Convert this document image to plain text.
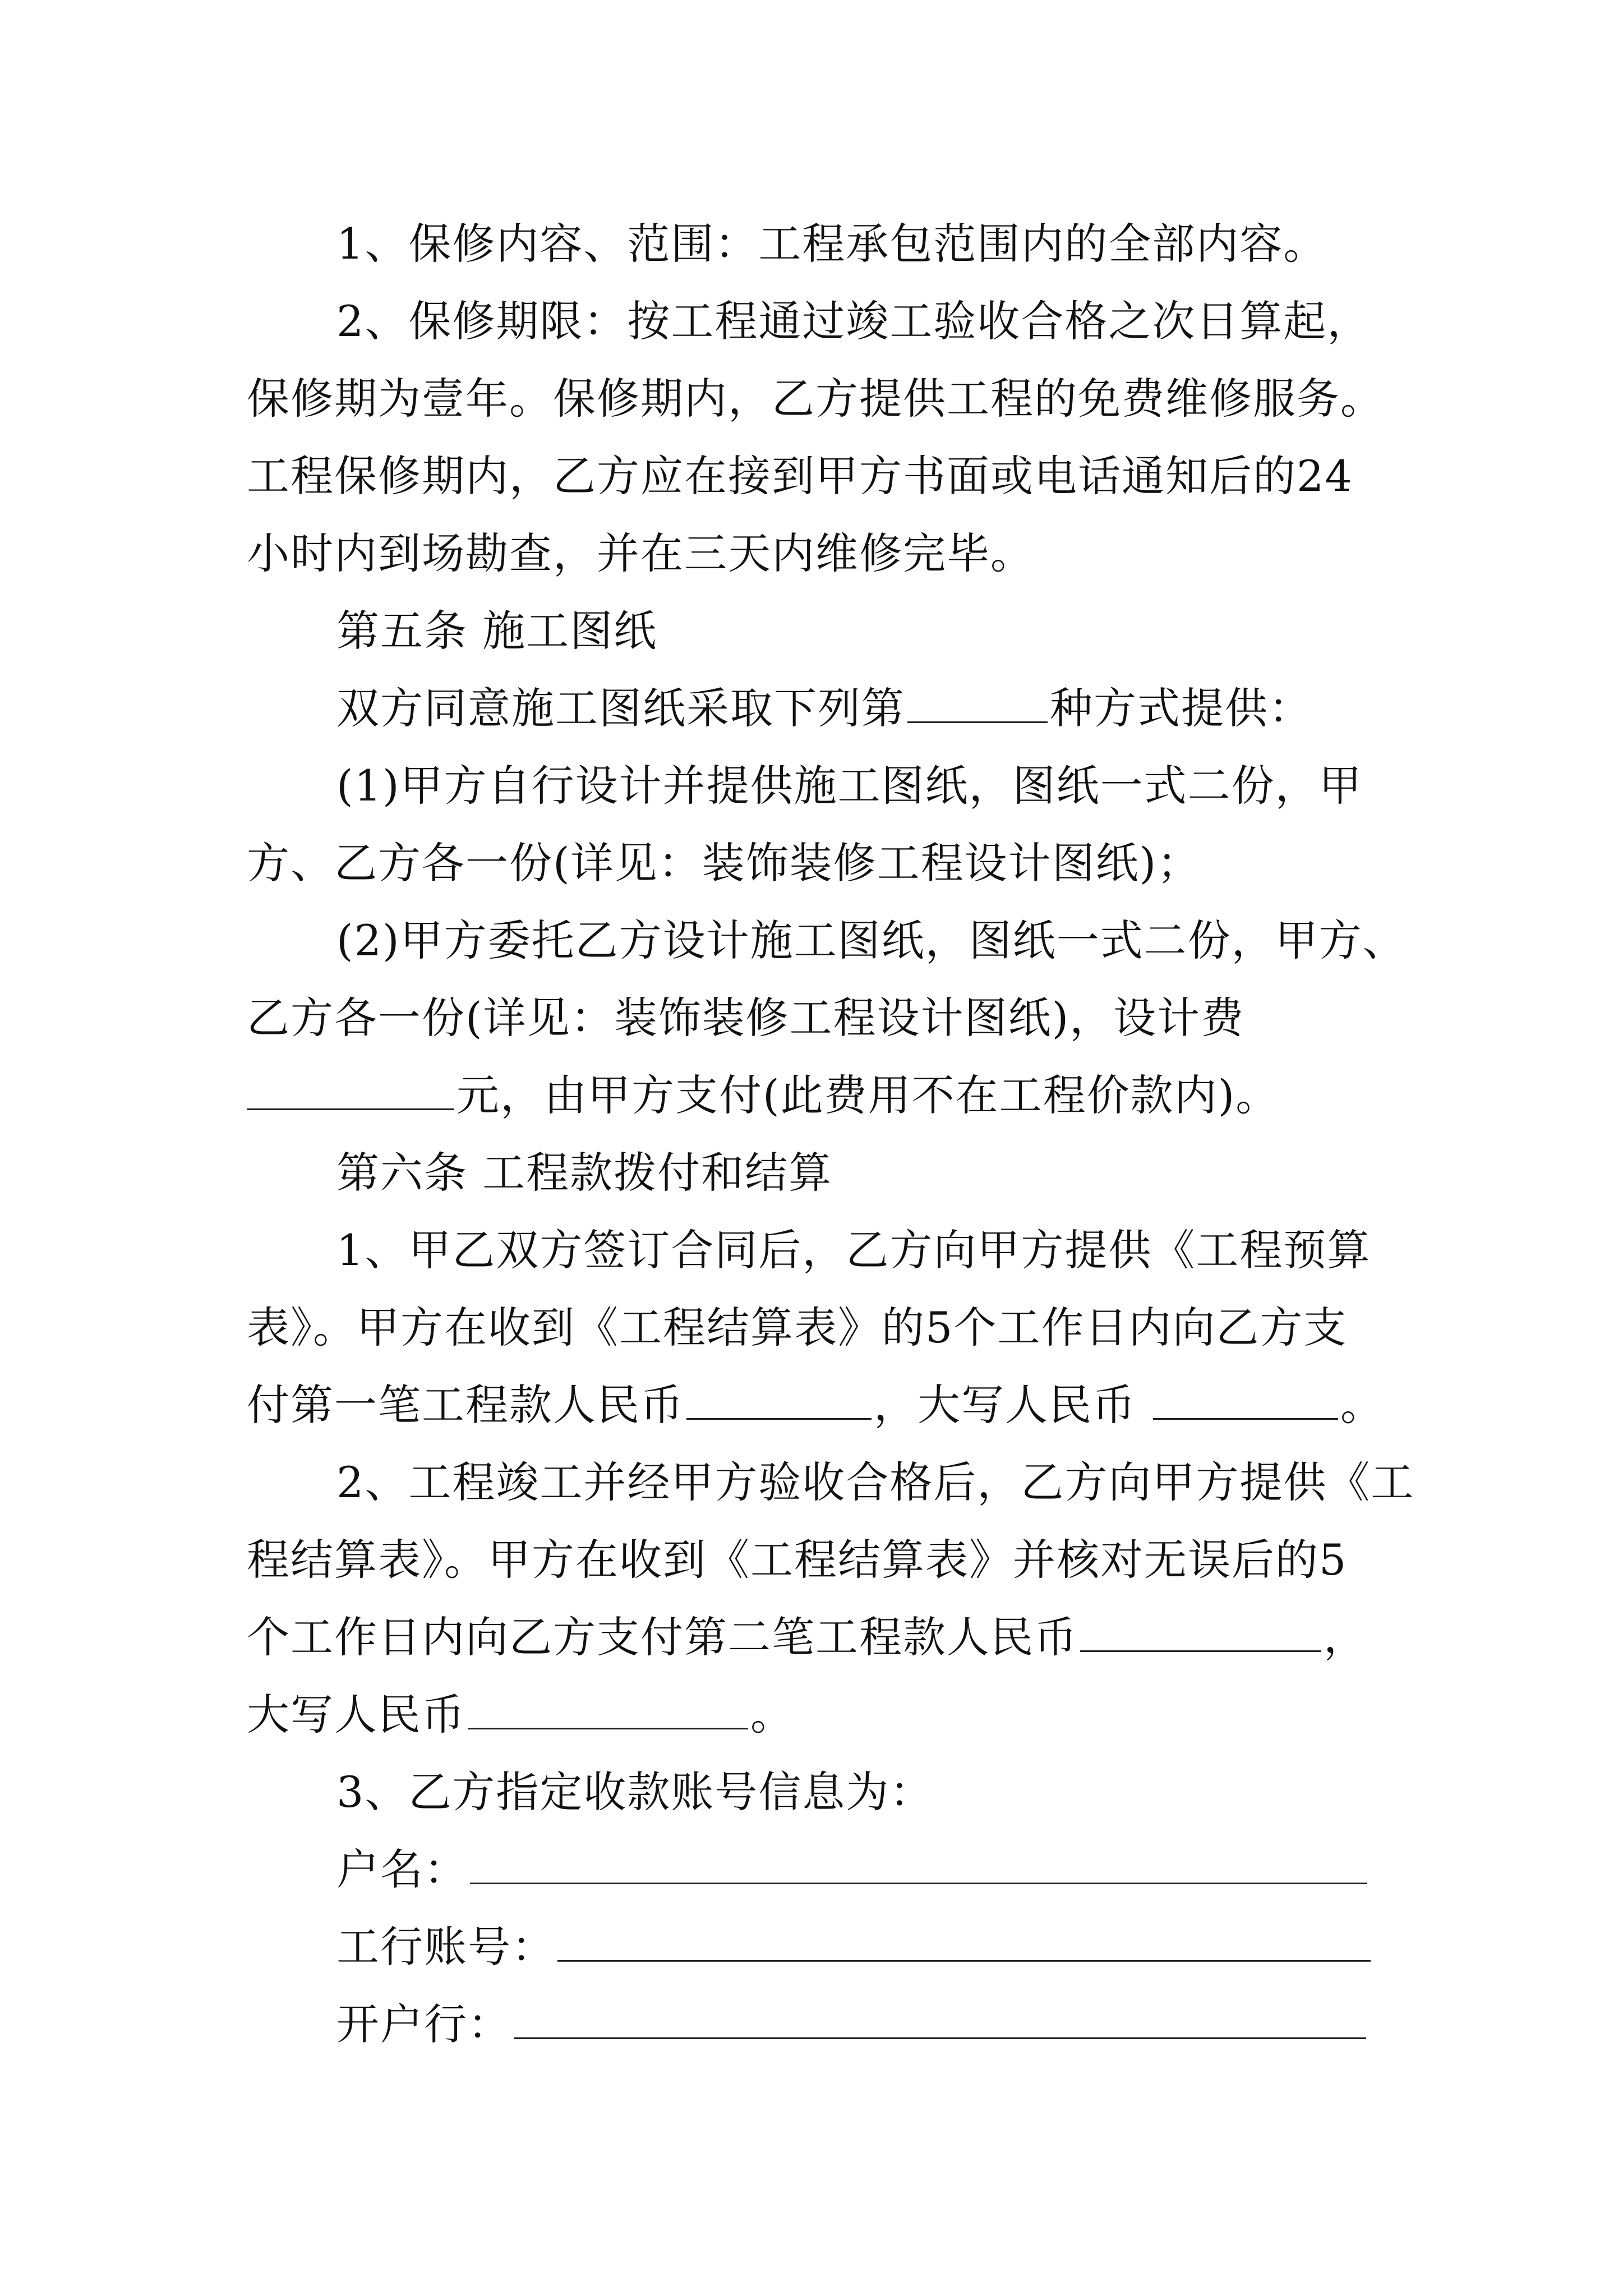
1、保修内容、范围：工程承包范围内的全部内容。
2、保修期限：按工程通过竣工验收合格之次日算起，
保修期为壹年。保修期内，乙方提供工程的免费维修服务。
工程保修期内，乙方应在接到甲方书面或电话通知后的24
小时内到场勘查，并在三天内维修完毕。
第五条 施工图纸
双方同意施工图纸采取下列第	种方式提供：
(1)甲方自行设计并提供施工图纸，图纸一式二份，甲
方、乙方各一份(详见：装饰装修工程设计图纸)；
(2)甲方委托乙方设计施工图纸，图纸一式二份，甲方、
乙方各一份(详见：装饰装修工程设计图纸)，设计费
元，由甲方支付(此费用不在工程价款内)。
第六条 工程款拨付和结算
1、甲乙双方签订合同后，乙方向甲方提供《工程预算
表》。甲方在收到《工程结算表》的5个工作日内向乙方支
付第一笔工程款人民币	，大写人民币	。
2、工程竣工并经甲方验收合格后，乙方向甲方提供《工
程结算表》。甲方在收到《工程结算表》并核对无误后的5
个工作日内向乙方支付第二笔工程款人民币	，
大写人民币	。
3、乙方指定收款账号信息为：
户名：
工行账号：
开户行：
